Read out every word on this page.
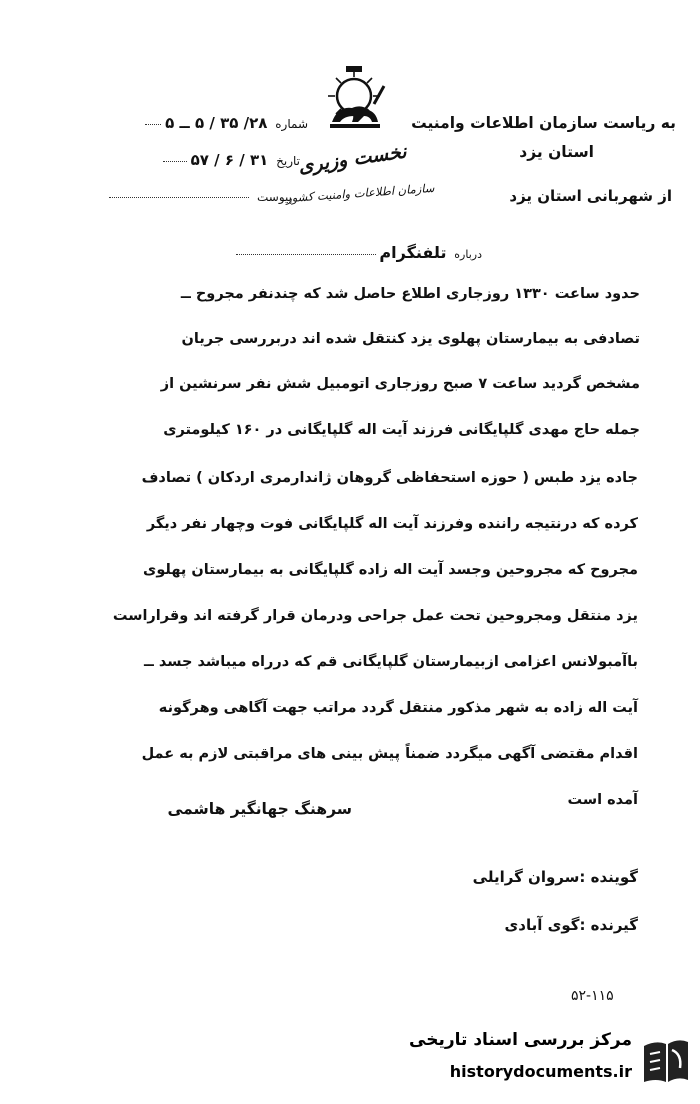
به ریاست سازمان اطلاعات وامنیت
استان یزد
از شهربانی استان یزد
نخست وزیری
سازمان اطلاعات وامنیت کشور
شماره ۲۸/ ۳۵ / ۵ ــ ۵
تاریخ ۳۱ / ۶ / ۵۷
پیوست
درباره تلفنگرام
حدود ساعت ۱۳۳۰ روزجاری اطلاع حاصل شد که چندنفر مجروح ــ
تصادفی به بیمارستان پهلوی یزد کنتقل شده اند دربررسی جریان
مشخص گردید ساعت ۷ صبح روزجاری اتومبیل شش نفر سرنشین از
جمله حاج مهدی گلپایگانی فرزند آیت اله گلپایگانی در ۱۶۰ کیلومتری
جاده یزد طبس ( حوزه استحفاظی گروهان ژاندارمری اردکان ) تصادف
کرده که درنتیجه راننده وفرزند آیت اله گلپایگانی فوت وچهار نفر دیگر
مجروح که مجروحین وجسد آیت اله زاده گلپایگانی به بیمارستان پهلوی
یزد منتقل ومجروحین تحت عمل جراحی ودرمان قرار گرفته اند وقراراست
باآمبولانس اعزامی ازبیمارستان گلپایگانی قم که درراه میباشد جسد ــ
آیت اله زاده به شهر مذکور منتقل گردد مراتب جهت آگاهی وهرگونه
اقدام مقتضی آگهی میگردد ضمناً پیش بینی های مراقبتی لازم به عمل
آمده است
سرهنگ جهانگیر هاشمی
گوینده :سروان گرایلی
گیرنده :گوی آبادی
۵۲-۱۱۵
مرکز بررسی اسناد تاریخی
historydocuments.ir
